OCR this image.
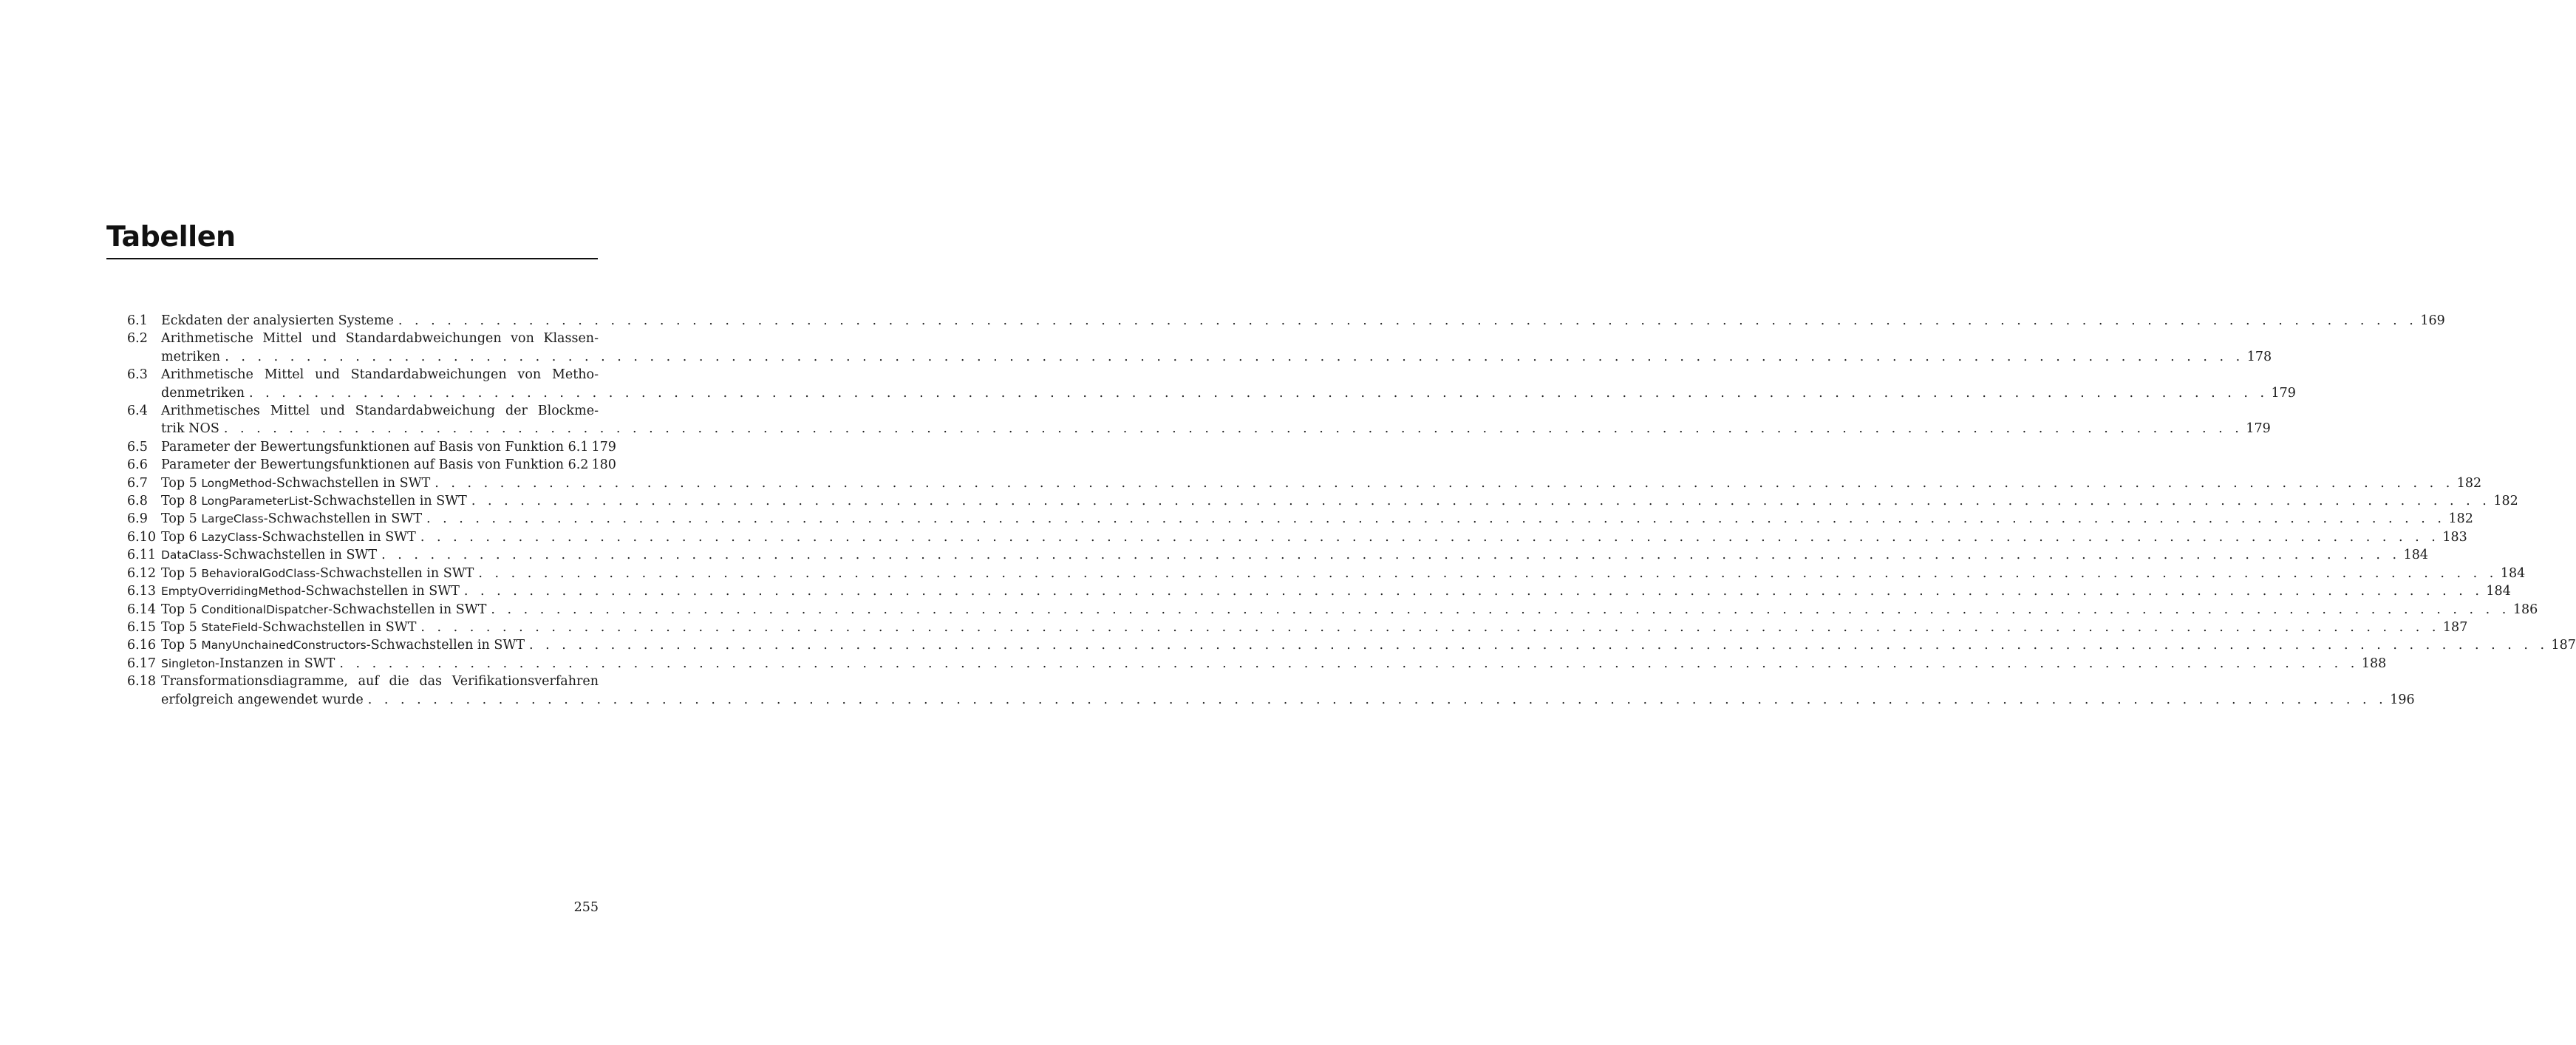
Tabellen
6.1	Eckdaten der analysierten Systeme . . . . . . . . . . . . . . . . . . . . . . . . . . . . . . . . . . . . . . . . . . . . . . . . . . . . . . . . . . . . . . . . . . . . . . . . . . . . . . . . . . . . . . . . . . . . . . . . . . . . . . . . . . . . . . . . . . . . . . . . . . . . 169
6.2	Arithmetische Mittel und Standardabweichungen von Klassen-
metriken . . . . . . . . . . . . . . . . . . . . . . . . . . . . . . . . . . . . . . . . . . . . . . . . . . . . . . . . . . . . . . . . . . . . . . . . . . . . . . . . . . . . . . . . . . . . . . . . . . . . . . . . . . . . . . . . . . . . . . . . . . . . 178
6.3	Arithmetische Mittel und Standardabweichungen von Metho-
denmetriken . . . . . . . . . . . . . . . . . . . . . . . . . . . . . . . . . . . . . . . . . . . . . . . . . . . . . . . . . . . . . . . . . . . . . . . . . . . . . . . . . . . . . . . . . . . . . . . . . . . . . . . . . . . . . . . . . . . . . . . . . . . . 179
6.4	Arithmetisches Mittel und Standardabweichung der Blockme-
trik NOS . . . . . . . . . . . . . . . . . . . . . . . . . . . . . . . . . . . . . . . . . . . . . . . . . . . . . . . . . . . . . . . . . . . . . . . . . . . . . . . . . . . . . . . . . . . . . . . . . . . . . . . . . . . . . . . . . . . . . . . . . . . . 179
6.5	Parameter der Bewertungsfunktionen auf Basis von Funktion 6.1 179
6.6	Parameter der Bewertungsfunktionen auf Basis von Funktion 6.2 180
6.7	Top 5 LongMethod-Schwachstellen in SWT . . . . . . . . . . . . . . . . . . . . . . . . . . . . . . . . . . . . . . . . . . . . . . . . . . . . . . . . . . . . . . . . . . . . . . . . . . . . . . . . . . . . . . . . . . . . . . . . . . . . . . . . . . . . . . . . . . . . . . . . . . . . 182
6.8	Top 8 LongParameterList-Schwachstellen in SWT . . . . . . . . . . . . . . . . . . . . . . . . . . . . . . . . . . . . . . . . . . . . . . . . . . . . . . . . . . . . . . . . . . . . . . . . . . . . . . . . . . . . . . . . . . . . . . . . . . . . . . . . . . . . . . . . . . . . . . . . . . . . 182
6.9	Top 5 LargeClass-Schwachstellen in SWT . . . . . . . . . . . . . . . . . . . . . . . . . . . . . . . . . . . . . . . . . . . . . . . . . . . . . . . . . . . . . . . . . . . . . . . . . . . . . . . . . . . . . . . . . . . . . . . . . . . . . . . . . . . . . . . . . . . . . . . . . . . . 182
6.10 Top 6 LazyClass-Schwachstellen in SWT . . . . . . . . . . . . . . . . . . . . . . . . . . . . . . . . . . . . . . . . . . . . . . . . . . . . . . . . . . . . . . . . . . . . . . . . . . . . . . . . . . . . . . . . . . . . . . . . . . . . . . . . . . . . . . . . . . . . . . . . . . . . 183
6.11 DataClass-Schwachstellen in SWT . . . . . . . . . . . . . . . . . . . . . . . . . . . . . . . . . . . . . . . . . . . . . . . . . . . . . . . . . . . . . . . . . . . . . . . . . . . . . . . . . . . . . . . . . . . . . . . . . . . . . . . . . . . . . . . . . . . . . . . . . . . . 184
6.12 Top 5 BehavioralGodClass-Schwachstellen in SWT . . . . . . . . . . . . . . . . . . . . . . . . . . . . . . . . . . . . . . . . . . . . . . . . . . . . . . . . . . . . . . . . . . . . . . . . . . . . . . . . . . . . . . . . . . . . . . . . . . . . . . . . . . . . . . . . . . . . . . . . . . . . 184
6.13 EmptyOverridingMethod-Schwachstellen in SWT . . . . . . . . . . . . . . . . . . . . . . . . . . . . . . . . . . . . . . . . . . . . . . . . . . . . . . . . . . . . . . . . . . . . . . . . . . . . . . . . . . . . . . . . . . . . . . . . . . . . . . . . . . . . . . . . . . . . . . . . . . . . 184
6.14 Top 5 ConditionalDispatcher-Schwachstellen in SWT . . . . . . . . . . . . . . . . . . . . . . . . . . . . . . . . . . . . . . . . . . . . . . . . . . . . . . . . . . . . . . . . . . . . . . . . . . . . . . . . . . . . . . . . . . . . . . . . . . . . . . . . . . . . . . . . . . . . . . . . . . . . 186
6.15 Top 5 StateField-Schwachstellen in SWT . . . . . . . . . . . . . . . . . . . . . . . . . . . . . . . . . . . . . . . . . . . . . . . . . . . . . . . . . . . . . . . . . . . . . . . . . . . . . . . . . . . . . . . . . . . . . . . . . . . . . . . . . . . . . . . . . . . . . . . . . . . . 187
6.16 Top 5 ManyUnchainedConstructors-Schwachstellen in SWT . . . . . . . . . . . . . . . . . . . . . . . . . . . . . . . . . . . . . . . . . . . . . . . . . . . . . . . . . . . . . . . . . . . . . . . . . . . . . . . . . . . . . . . . . . . . . . . . . . . . . . . . . . . . . . . . . . . . . . . . . . . . 187
6.17 Singleton-Instanzen in SWT . . . . . . . . . . . . . . . . . . . . . . . . . . . . . . . . . . . . . . . . . . . . . . . . . . . . . . . . . . . . . . . . . . . . . . . . . . . . . . . . . . . . . . . . . . . . . . . . . . . . . . . . . . . . . . . . . . . . . . . . . . . . 188
6.18 Transformationsdiagramme, auf die das Verifikationsverfahren
erfolgreich angewendet wurde . . . . . . . . . . . . . . . . . . . . . . . . . . . . . . . . . . . . . . . . . . . . . . . . . . . . . . . . . . . . . . . . . . . . . . . . . . . . . . . . . . . . . . . . . . . . . . . . . . . . . . . . . . . . . . . . . . . . . . . . . . . . 196
255
